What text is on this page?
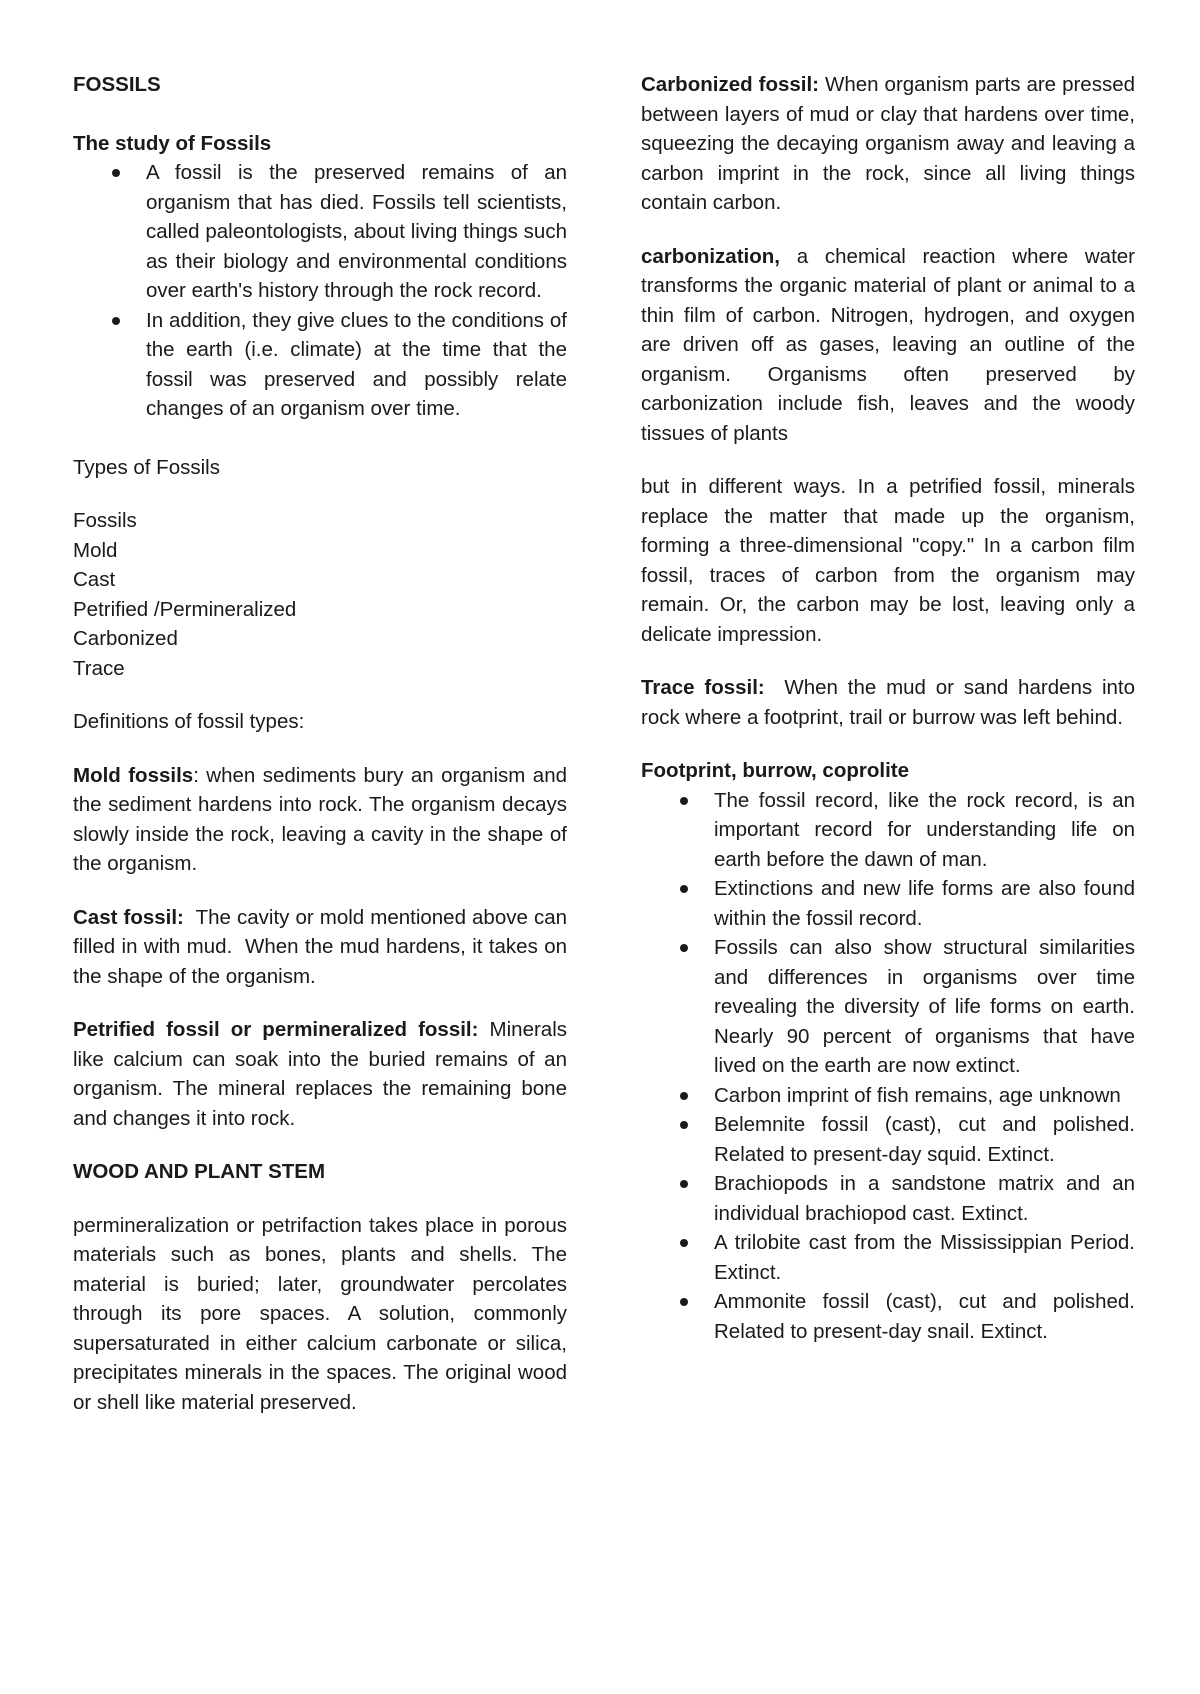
FOSSILS

The study of Fossils

A fossil is the preserved remains of an organism that has died. Fossils tell scientists, called paleontologists, about living things such as their biology and environmental conditions over earth's history through the rock record.
In addition, they give clues to the conditions of the earth (i.e. climate) at the time that the fossil was preserved and possibly relate changes of an organism over time.

Types of Fossils

Fossils
Mold
Cast
Petrified /Permineralized
Carbonized
Trace

Definitions of fossil types:

Mold fossils: when sediments bury an organism and the sediment hardens into rock. The organism decays slowly inside the rock, leaving a cavity in the shape of the organism.

Cast fossil:  The cavity or mold mentioned above can filled in with mud.  When the mud hardens, it takes on the shape of the organism.

Petrified fossil or permineralized fossil: Minerals like calcium can soak into the buried remains of an organism. The mineral replaces the remaining bone and changes it into rock.

WOOD AND PLANT STEM

permineralization or petrifaction takes place in porous materials such as bones, plants and shells. The material is buried; later, groundwater percolates through its pore spaces. A solution, commonly supersaturated in either calcium carbonate or silica, precipitates minerals in the spaces. The original wood or shell like material preserved.

Carbonized fossil: When organism parts are pressed between layers of mud or clay that hardens over time, squeezing the decaying organism away and leaving a carbon imprint in the rock, since all living things contain carbon.

carbonization, a chemical reaction where water transforms the organic material of plant or animal to a thin film of carbon. Nitrogen, hydrogen, and oxygen are driven off as gases, leaving an outline of the organism. Organisms often preserved by carbonization include fish, leaves and the woody tissues of plants

but in different ways. In a petrified fossil, minerals replace the matter that made up the organism, forming a three-dimensional "copy." In a carbon film fossil, traces of carbon from the organism may remain. Or, the carbon may be lost, leaving only a delicate impression.

Trace fossil:  When the mud or sand hardens into rock where a footprint, trail or burrow was left behind.

Footprint, burrow, coprolite

The fossil record, like the rock record, is an important record for understanding life on earth before the dawn of man.
Extinctions and new life forms are also found within the fossil record.
Fossils can also show structural similarities and differences in organisms over time revealing the diversity of life forms on earth. Nearly 90 percent of organisms that have lived on the earth are now extinct.
Carbon imprint of fish remains, age unknown
Belemnite fossil (cast), cut and polished. Related to present-day squid. Extinct.
Brachiopods in a sandstone matrix and an individual brachiopod cast. Extinct.
A trilobite cast from the Mississippian Period. Extinct.
Ammonite fossil (cast), cut and polished. Related to present-day snail. Extinct.
